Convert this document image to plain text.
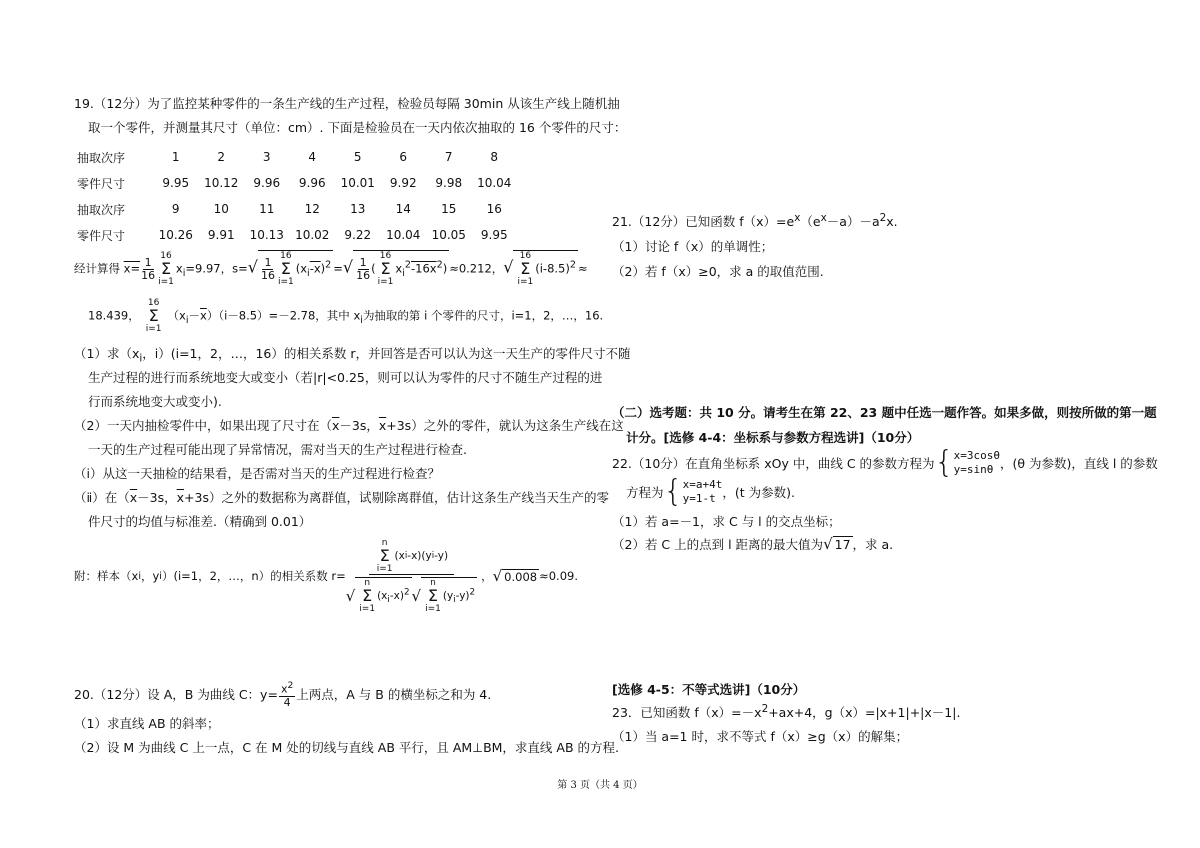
19.（12分）为了监控某种零件的一条生产线的生产过程，检验员每隔 30min 从该生产线上随机抽
取一个零件，并测量其尺寸（单位：cm）. 下面是检验员在一天内依次抽取的 16 个零件的尺寸：
抽取次序	1	2	3	4	5	6	7	8
零件尺寸	9.95	10.12	9.96	9.96	10.01	9.92	9.98	10.04
抽取次序	9	10	11	12	13	14	15	16
零件尺寸	10.26	9.91	10.13	10.02	9.22	10.04	10.05	9.95
经计算得 $x= \frac{1}{16}$
16
Σ
i=1
$x_i=9.97$，$s=√ \frac{1}{16}$
16
Σ
i=1
$(x_i-x)^2$ =√ $\frac{1}{16}$ (
16
Σ
i=1
$x_i^2-16x^2) \approx 0.212$，√
16
Σ
i=1
$(i-8.5)^2$ ≈
18.439，
16
Σ
i=1
$(x_i-\overline{x})(i-8.5)=-2.78$，其中 $x_i$为抽取的第 i 个零件的尺寸，i=1，2，…，16.
（1）求（$x_i$，i）(i=1，2，…，16）的相关系数 r，并回答是否可以认为这一天生产的零件尺寸不随
生产过程的进行而系统地变大或变小（若|r|<0.25，则可以认为零件的尺寸不随生产过程的进
行而系统地变大或变小).
（2）一天内抽检零件中，如果出现了尺寸在（$\overline{x}-3s$，$\overline{x}+3s$）之外的零件，就认为这条生产线在这
一天的生产过程可能出现了异常情况，需对当天的生产过程进行检查.
（ⅰ）从这一天抽检的结果看，是否需对当天的生产过程进行检查？
（ⅱ）在（$\overline{x}-3s$，$\overline{x}+3s$）之外的数据称为离群值，试剔除离群值，估计这条生产线当天生产的零
件尺寸的均值与标准差.（精确到 0.01）
附：样本（x i ，y i ）(i=1，2，…，n）的相关系数 r=
n
Σ
i=1
(x i -x)(y i -y)
√
n
Σ
i=1
$(x_i-x)^2$ √
n
Σ
i=1
$(y_i-y)^2$
， √ 0.008 ≈0.09.
20.（12分）设 A，B 为曲线 C：$y= \frac{x^2}{4}$ 上两点，A 与 B 的横坐标之和为 4.
（1）求直线 AB 的斜率；
（2）设 M 为曲线 C 上一点，C 在 M 处的切线与直线 AB 平行，且 AM⊥BM，求直线 AB 的方程.
21.（12分）已知函数 $f(x)=e^x(e^x-a)-a^2x$.
（1）讨论 f（x）的单调性；
（2）若 f（x）≥0，求 a 的取值范围.
（二）选考题：共 10 分。请考生在第 22、23 题中任选一题作答。如果多做，则按所做的第一题
计分。[选修 4-4：坐标系与参数方程选讲]（10分）
22.（10分）在直角坐标系 xOy 中，曲线 C 的参数方程为 { x=3cosθ
y=sinθ ，(θ 为参数)，直线 l 的参数
方程为 { x=a+4t
y=1-t ，(t 为参数).
（1）若 a=－1，求 C 与 l 的交点坐标；
（2）若 C 上的点到 l 距离的最大值为√ 17 ，求 a.
[选修 4-5：不等式选讲]（10分）
23．已知函数 $f(x)=-x^2+ax+4$，g（x）=|x+1|+|x－1|.
（1）当 a=1 时，求不等式 f（x）≥g（x）的解集；
第 3 页（共 4 页）
